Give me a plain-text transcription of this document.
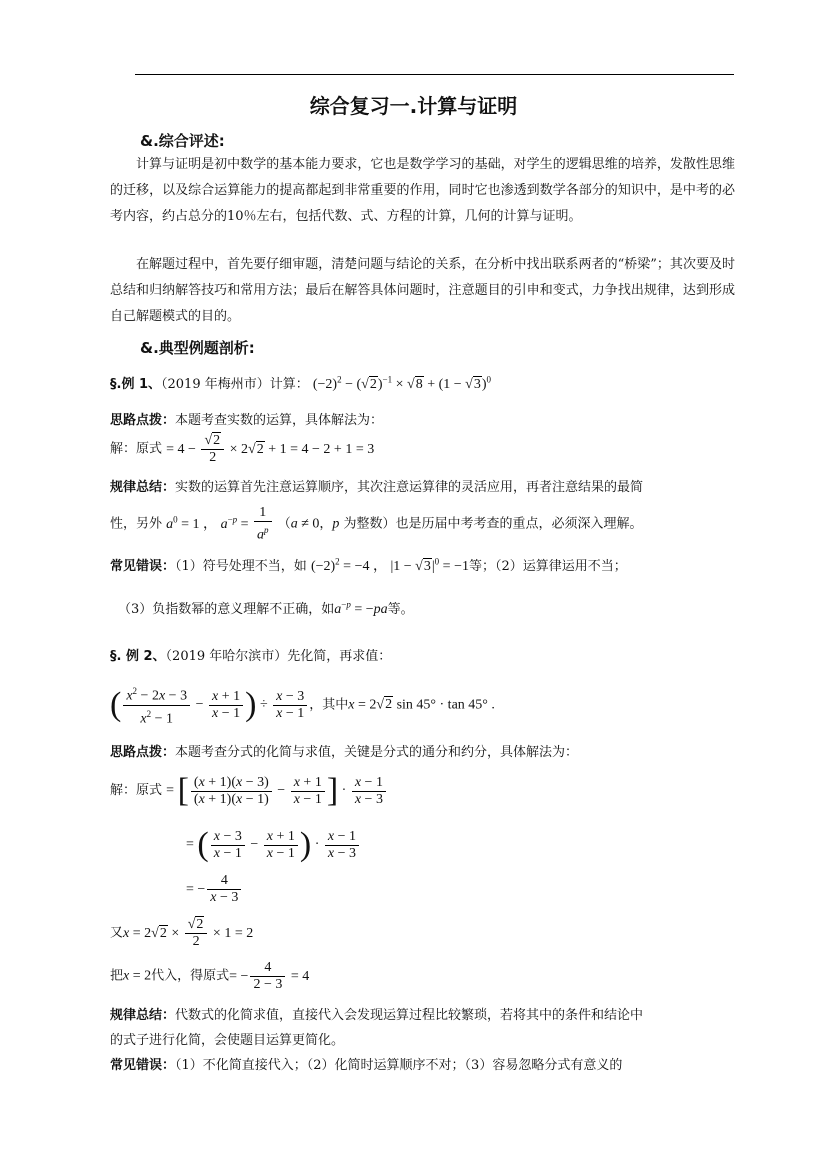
综合复习一.计算与证明
&.综合评述:
计算与证明是初中数学的基本能力要求，它也是数学学习的基础，对学生的逻辑思维的培养，发散性思维的迁移，以及综合运算能力的提高都起到非常重要的作用，同时它也渗透到数学各部分的知识中，是中考的必考内容，约占总分的10％左右，包括代数、式、方程的计算，几何的计算与证明。
在解题过程中，首先要仔细审题，清楚问题与结论的关系，在分析中找出联系两者的“桥梁”；其次要及时总结和归纳解答技巧和常用方法；最后在解答具体问题时，注意题目的引申和变式，力争找出规律，达到形成自己解题模式的目的。
&.典型例题剖析:
§.例 1、（2019 年梅州市）计算： $(-2)^2 - (√2)^{-1} \times √8 + (1 - √3)^0$
思路点拨：本题考查实数的运算，具体解法为：
解：原式 = $4 - \frac{√2}{2} \times 2√2 + 1 = 4 - 2 + 1 = 3$
规律总结：实数的运算首先注意运算顺序，其次注意运算律的灵活应用，再者注意结果的最简
性，另外 $a^0 = 1$ ， $a^{-p} = \frac{1}{a^p} (a \ne 0$，p 为整数）也是历届中考考查的重点，必须深入理解。
常见错误：（1）符号处理不当，如 $(-2)^2 = -4$ ， $|1 - √3|^0 = -1$等；（2）运算律运用不当；
（3）负指数幂的意义理解不正确，如$a^{-p} = -pa$等。
§. 例 2、（2019 年哈尔滨市）先化简，再求值：
( $\frac{x^2 - 2x - 3}{x^2 - 1} - \frac{x + 1}{x - 1}$ ) ÷ $\frac{x - 3}{x - 1}$ ，其中x = 2√2 sin 45° · tan 45° .
思路点拨：本题考查分式的化简与求值，关键是分式的通分和约分，具体解法为：
解：原式 = [ $\frac{(x + 1)(x - 3)}{(x + 1)(x - 1)} - \frac{x + 1}{x - 1}$ ] · $\frac{x - 1}{x - 3}$
= ( $\frac{x - 3}{x - 1} - \frac{x + 1}{x - 1}$ ) · $\frac{x - 1}{x - 3}$
= − $\frac{4}{x - 3}$
又$x = 2√2 \times \frac{√2}{2} \times 1 = 2$
把x = 2代入，得原式= − $\frac{4}{2 - 3} = 4$
规律总结：代数式的化简求值，直接代入会发现运算过程比较繁琐，若将其中的条件和结论中
的式子进行化简，会使题目运算更简化。
常见错误：（1）不化简直接代入；（2）化简时运算顺序不对；（3）容易忽略分式有意义的
